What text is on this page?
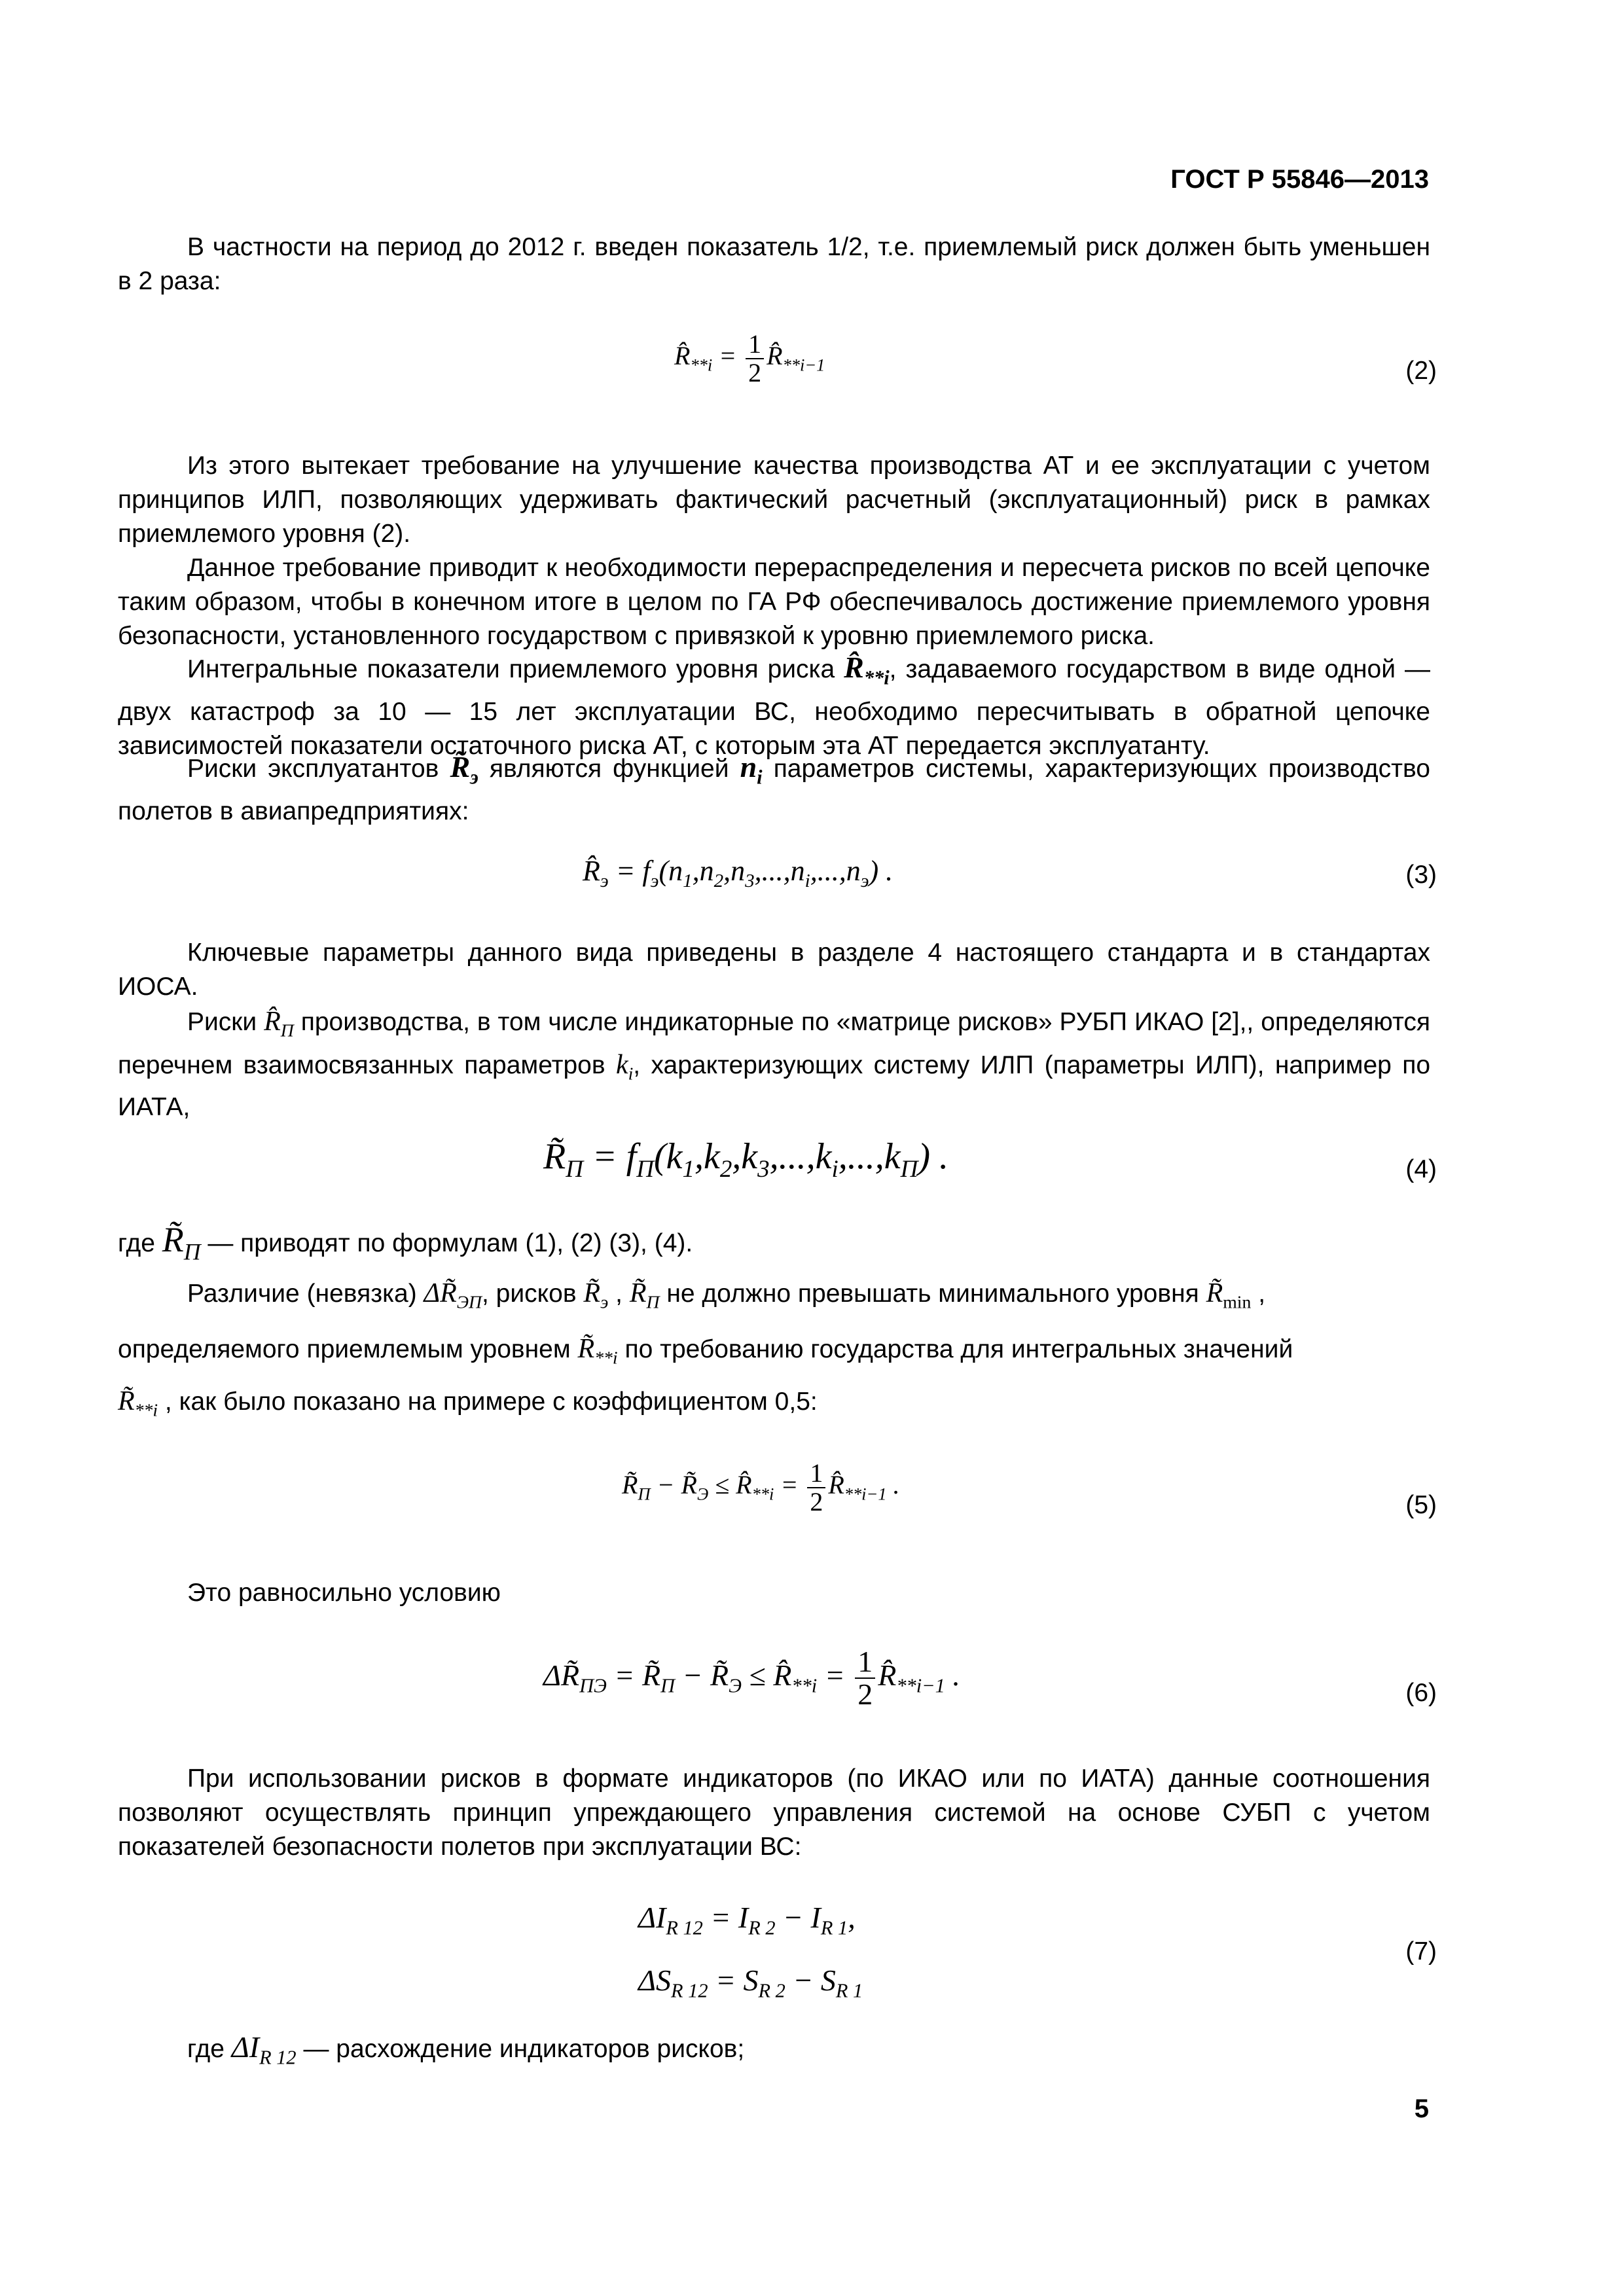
ГОСТ Р 55846—2013

В частности на период до 2012 г. введен показатель 1/2, т.е. приемлемый риск должен быть уменьшен в 2 раза:

$R̂_{**i} = \frac{1}{2}$ $R̂_{**i-1}$	(2)

Из этого вытекает требование на улучшение качества производства АТ и ее эксплуатации с учетом принципов ИЛП, позволяющих удерживать фактический расчетный (эксплуатационный) риск в рамках приемлемого уровня (2).

Данное требование приводит к необходимости перераспределения и пересчета рисков по всей цепочке таким образом, чтобы в конечном итоге в целом по ГА РФ обеспечивалось достижение приемлемого уровня безопасности, установленного государством с привязкой к уровню приемлемого риска.

Интегральные показатели приемлемого уровня риска $R̂_{**i}$, задаваемого государством в виде одной — двух катастроф за 10 — 15 лет эксплуатации ВС, необходимо пересчитывать в обратной цепочке зависимостей показатели остаточного риска АТ, с которым эта АТ передается эксплуатанту.

Риски эксплуатантов $R̃_э$ являются функцией $n_i$ параметров системы, характеризующих производство полетов в авиапредприятиях:

$R̂_э = f_э(n_1,n_2,n_3,...,n_i,...,n_э)$ .	(3)

Ключевые параметры данного вида приведены в разделе 4 настоящего стандарта и в стандартах ИОСА.

Риски $R̂_П$ производства, в том числе индикаторные по «матрице рисков» РУБП ИКАО [2],, определяются перечнем взаимосвязанных параметров $k_i$, характеризующих систему ИЛП (параметры ИЛП), например по ИАТА,

$R̃_П = f_П(k_1,k_2,k_3,...,k_i,...,k_П)$ .	(4)

где $R̃_П$ — приводят по формулам (1), (2) (3), (4).

Различие (невязка) $\Delta R̃_{ЭП}$, рисков $R̃_э$ , $R̃_П$ не должно превышать минимального уровня $R̃_{min}$ ,

определяемого приемлемым уровнем $R̃_{**i}$ по требованию государства для интегральных значений

$R̃_{**i}$ , как было показано на примере с коэффициентом 0,5:

$R̃_П$ − $R̃_Э$ ≤ $R̂_{**i} = \frac{1}{2}$ $R̂_{**i-1}$ .
(5)

Это равносильно условию

$\Delta R̃_{ПЭ}$ = $R̃_П$ − $R̃_Э$ ≤ $R̂_{**i} = \frac{1}{2}$ $R̂_{**i-1}$ .
(6)

При использовании рисков в формате индикаторов (по ИКАО или по ИАТА) данные соотношения позволяют осуществлять принцип упреждающего управления системой на основе СУБП с учетом показателей безопасности полетов при эксплуатации ВС:

$\Delta I_{R 12} = I_{R 2} - I_{R 1}$,
$\Delta S_{R 12} = S_{R 2} - S_{R 1}$
(7)

где $\Delta I_{R 12}$ — расхождение индикаторов рисков;

5
